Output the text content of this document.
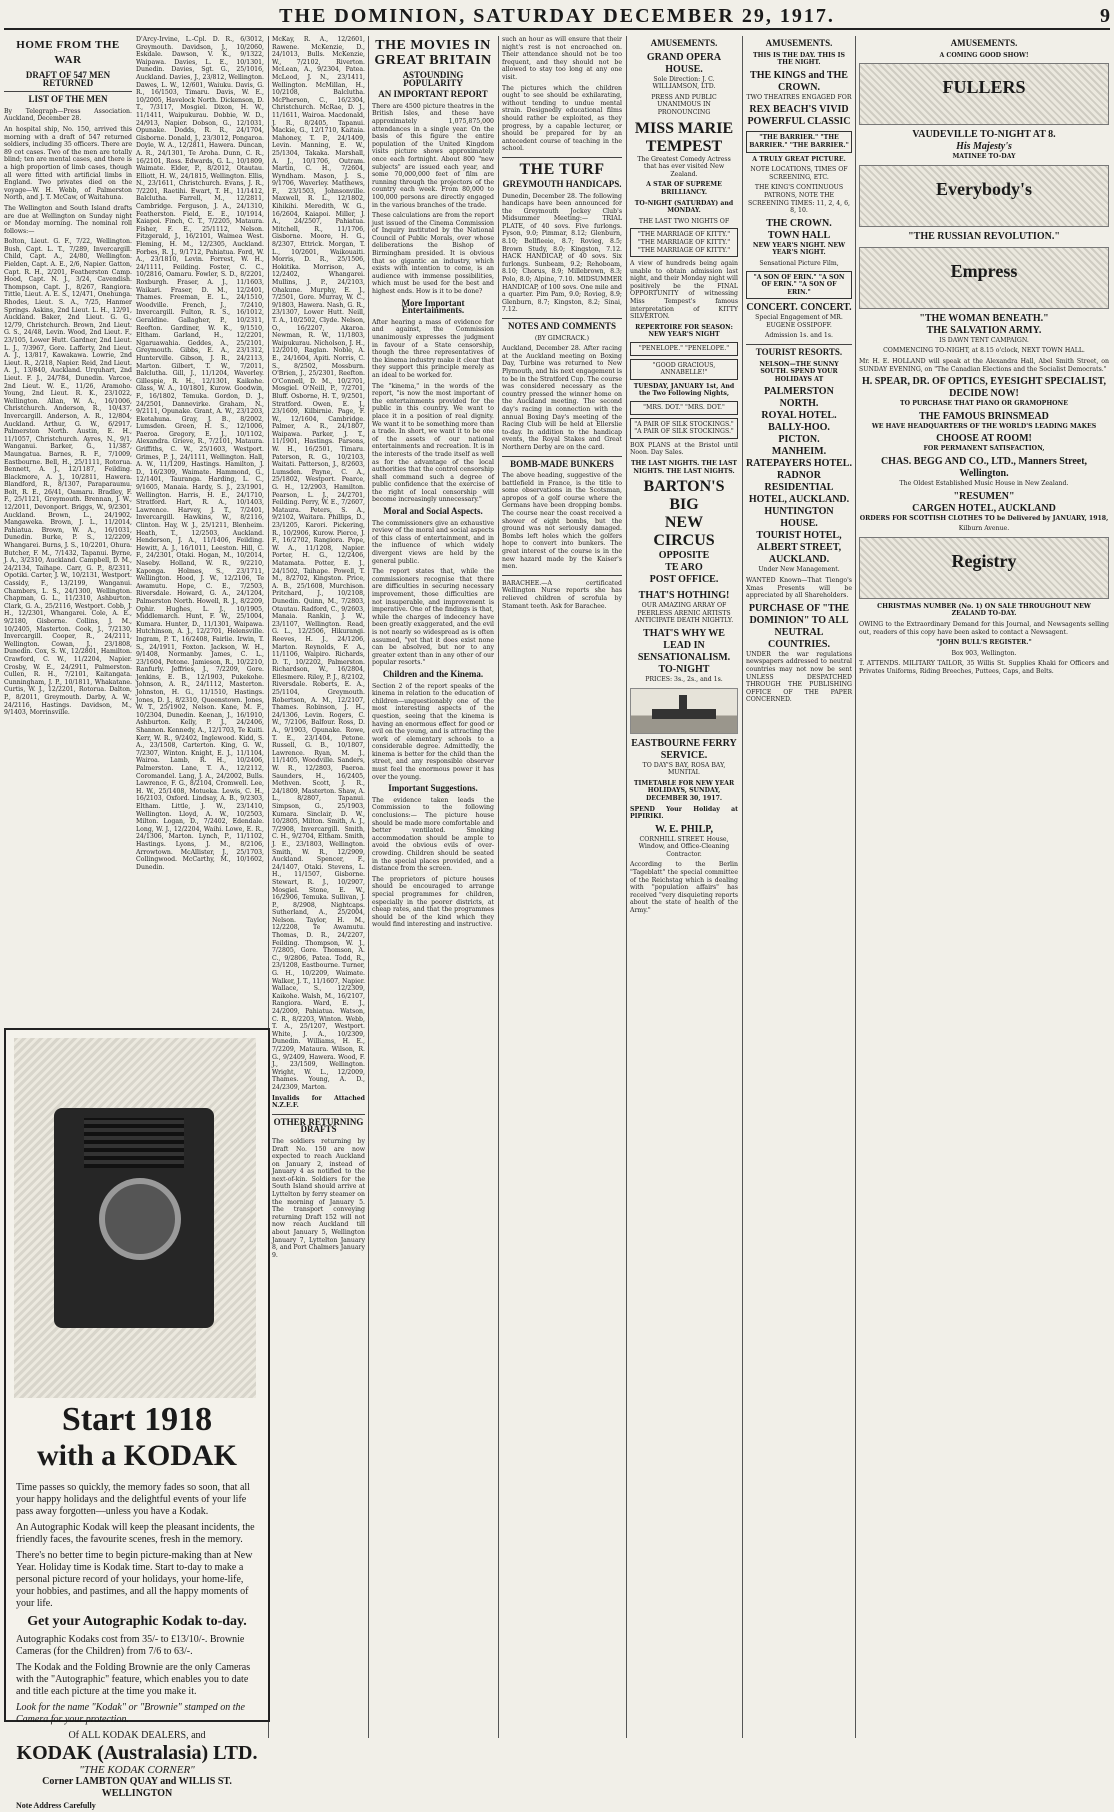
THE DOMINION, SATURDAY DECEMBER 29, 1917.	9
HOME FROM THE WAR
DRAFT OF 547 MEN RETURNED
LIST OF THE MEN

By Telegraph—Press Association. Auckland, December 28.

An hospital ship, No. 150, arrived this morning with a draft of 547 returned soldiers, including 35 officers. There are 89 cot cases. Two of the men are totally blind; ten are mental cases, and there is a high proportion of limb cases, though all were fitted with artificial limbs in England. Two privates died on the voyage—W. H. Webb, of Palmerston North, and J. T. McCaw, of Waitahuna.

The Wellington and South Island drafts are due at Wellington on Sunday night or Monday morning. The nominal roll follows:—

Bolton, Lieut. G. F., 7/22, Wellington. Bush, Capt. L. T., 7/289, Invercargill. Child, Capt. A., 24/80, Wellington. Fielden, Capt. A. E., 2/6, Napier. Gatton, Capt. R. H., 2/201, Featherston Camp. Hood, Capt. N. J., 3/24, Cavendish. Thompson, Capt. J., 8/267, Rangiora. Tittle, Lieut. A. E. S., 12/471, Onehunga. Rhodes, Lieut. S. A., 7/25, Hanmer Springs. Askins, 2nd Lieut. L. H., 12/91, Auckland. Baker, 2nd Lieut. G. G., 12/79, Christchurch. Brown, 2nd Lieut. G. S., 24/48, Levin. Wood, 2nd Lieut. F., 23/105, Lower Hutt. Gardner, 2nd Lieut. L. J., 7/3967, Gore. Lafferty, 2nd Lieut. A. J., 13/817, Kawakawa. Lowrie, 2nd Lieut. R., 2/218, Napier. Reid, 2nd Lieut. A. J., 13/840, Auckland. Urquhart, 2nd Lieut. F. J., 24/784, Dunedin. Varcoe, 2nd Lieut. W. E., 11/26, Aramoho. Young, 2nd Lieut. R. K., 23/1022, Wellington. Allan, W. A., 16/1006, Christchurch. Anderson, R., 10/437, Invercargill. Anderson, A. R., 12/804, Auckland. Arthur, G. W., 6/2917, Palmerston North. Austin, E. H., 11/1057, Christchurch. Ayres, N., 9/1, Wanganui. Barker, G., 11/387, Maungatua. Barnes, R. F., 7/1009, Eastbourne. Bell, H., 25/1111, Rotorua. Bennett, A. J., 12/1187, Feilding. Blackmore, A. J., 10/2811, Hawera. Blandford, R., 8/1307, Paraparaumu. Bolt, R. E., 26/41, Oamaru. Bradley, F. F., 25/1121, Greymouth. Brennan, J. W., 12/2011, Devonport. Briggs, W., 9/2301, Auckland. Brown, L., 24/1902, Mangaweka. Brown, J. L., 11/2014, Pahiatua. Brown, W. A., 16/1031, Dunedin. Burke, P. S., 12/2209, Whangarei. Burns, J. S., 10/2201, Ohura. Butcher, F. M., 7/1432, Tapanui. Byrne, J. A., 3/2310, Auckland. Campbell, D. M., 24/2134, Taihape. Carr, G. P., 8/2311, Opotiki. Carter, J. W., 10/2131, Westport. Cassidy, F., 13/2199, Wanganui. Chambers, L. S., 24/1300, Wellington. Chapman, G. L., 11/2310, Ashburton. Clark, G. A., 25/2116, Westport. Cobb, J. H., 12/2301, Whangarei. Cole, A. E., 9/2180, Gisborne. Collins, J. M., 10/2405, Masterton. Cook, J., 7/2130, Invercargill. Cooper, R., 24/2111, Wellington. Cowan, J., 23/1808, Dunedin. Cox, S. W., 12/2801, Hamilton. Crawford, C. W., 11/2204, Napier. Crosby, W. E., 24/2911, Palmerston. Cullen, R. H., 7/2101, Kaitangata. Cunningham, J. P., 10/1811, Whakatane. Curtis, W. J., 12/2201, Rotorua. Dalton, P., 8/2011, Greymouth. Darby, A. W., 24/2116, Hastings. Davidson, M., 9/1403, Morrinsville.

D'Arcy-Irvine, L.-Cpl. D. R., 6/3012, Greymouth. Davidson, J., 10/2060, Eskdale. Dawson, V. K., 9/1322, Waipawa. Davies, L. E., 10/1301, Dunedin. Davies, Sgt. G., 25/1016, Auckland. Davies, J., 23/812, Wellington. Dawes, L. W., 12/601, Waiuku. Davis, G. R., 16/1503, Timaru. Davis, W. E., 10/2005, Havelock North. Dickenson, D. T., 7/3117, Mosgiel. Dixon, H. W., 11/1411, Waipukurau. Dobbie, W. D., 24/913, Napier. Dobson, G., 12/1031, Opunake. Dodds, R. R., 24/1704, Gisborne. Donald, J., 23/3012, Pongaroa. Doyle, W. A., 12/2811, Hawera. Duncan, A. R., 24/1301, Te Aroha. Dunn, C. R., 16/2101, Ross. Edwards, G. L., 10/1809, Waimate. Elder, P., 8/2012, Otautau. Elliott, H. W., 24/1815, Wellington. Ellis, N., 23/1611, Christchurch. Evans, J. R., 7/2201, Raetihi. Ewart, T. H., 11/1412, Balclutha. Farrell, M., 12/2811, Cambridge. Ferguson, J. A., 24/1310, Featherston. Field, E. E., 10/1914, Kaiapoi. Finch, C. T., 7/2205, Mataura. Fisher, F. E., 25/1112, Nelson. Fitzgerald, J., 16/2101, Waimea West. Fleming, H. M., 12/2305, Auckland. Forbes, R. J., 9/1712, Pahiatua. Ford, W. A., 23/1810, Levin. Forrest, W. H., 24/1111, Feilding. Foster, C. C., 10/2816, Oamaru. Fowler, S. D., 8/2201, Roxburgh. Fraser, A. J., 11/1603, Waikari. Fraser, D. M., 12/2401, Thames. Freeman, E. L., 24/1510, Woodville. French, J., 7/2410, Invercargill. Fulton, R. S., 16/1012, Geraldine. Gallagher, P., 10/2311, Reefton. Gardiner, W. K., 9/1510, Eltham. Garland, H., 12/2201, Ngaruawahia. Geddes, A., 25/2101, Greymouth. Gibbs, E. A., 23/1312, Hunterville. Gibson, J. R., 24/2113, Marton. Gilbert, T. W., 7/2011, Balclutha. Gill, J., 11/1204, Waverley. Gillespie, R. H., 12/1301, Kaikohe. Glass, W. A., 10/1801, Kurow. Goodwin, F., 16/1802, Temuka. Gordon, D. J., 24/2501, Dannevirke. Graham, N., 9/2111, Opunake. Grant, A. W., 23/1203, Eketahuna. Gray, J. B., 8/2002, Lumsden. Green, H. S., 12/1006, Paeroa. Gregory, E. J., 10/1102, Alexandra. Grieve, R., 7/2101, Mataura. Griffiths, C. W., 25/1603, Westport. Grimes, P. J., 24/1111, Wellington. Hall, A. W., 11/1209, Hastings. Hamilton, J. D., 16/2309, Waimate. Hammond, G., 12/1401, Tauranga. Harding, L. C., 9/1605, Manaia. Hardy, S. J., 23/1901, Wellington. Harris, H. E., 24/1710, Stratford. Hart, R. A., 10/1403, Lawrence. Harvey, J. T., 7/2401, Invercargill. Hawkins, W., 8/2116, Clinton. Hay, W. J., 25/1211, Blenheim. Heath, T., 12/2503, Auckland. Henderson, J. A., 11/1406, Feilding. Hewitt, A. J., 16/1011, Leeston. Hill, C. F., 24/2301, Otaki. Hogan, M., 10/2014, Naseby. Holland, W. R., 9/2210, Kaponga. Holmes, S., 23/1711, Wellington. Hood, J. W., 12/2106, Te Awamutu. Hope, C. E., 7/2503, Riversdale. Howard, G. A., 24/1204, Palmerston North. Howell, R. J., 8/2209, Ophir. Hughes, L. J., 10/1905, Middlemarch. Hunt, F. W., 25/1004, Kumara. Hunter, D., 11/1301, Waipawa. Hutchinson, A. J., 12/2701, Helensville. Ingram, P. T., 16/2408, Fairlie. Irwin, T. S., 24/1911, Foxton. Jackson, W. H., 9/1408, Normanby. James, C. L., 23/1604, Petone. Jamieson, R., 10/2210, Ranfurly. Jeffries, J., 7/2209, Gore. Jenkins, E. B., 12/1903, Pukekohe. Johnson, A. R., 24/1112, Masterton. Johnston, H. G., 11/1510, Hastings. Jones, D. J., 8/2310, Queenstown. Jones, W. T., 25/1902, Nelson. Kane, M. F., 10/2304, Dunedin. Keenan, J., 16/1910, Ashburton. Kelly, P. J., 24/2406, Shannon. Kennedy, A., 12/1703, Te Kuiti. Kerr, W. R., 9/2402, Inglewood. Kidd, S. A., 23/1508, Carterton. King, G. W., 7/2307, Winton. Knight, E. J., 11/1104, Wairoa. Lamb, R. H., 10/2406, Palmerston. Lane, T. A., 12/2112, Coromandel. Lang, J. A., 24/2002, Bulls. Lawrence, F. G., 8/2104, Cromwell. Lee, H. W., 25/1408, Motueka. Lewis, C. H., 16/2103, Oxford. Lindsay, A. B., 9/2303, Eltham. Little, J. W., 23/1410, Wellington. Lloyd, A. W., 10/2503, Milton. Logan, D., 7/2402, Edendale. Long, W. J., 12/2204, Waihi. Lowe, E. R., 24/1306, Marton. Lynch, P., 11/1102, Hastings. Lyons, J. M., 8/2106, Arrowtown. McAllister, J., 25/1703, Collingwood. McCarthy, M., 10/1602, Dunedin.

Start 1918
with a KODAK

Time passes so quickly, the memory fades so soon, that all your happy holidays and the delightful events of your life pass away forgotten—unless you have a Kodak.

An Autographic Kodak will keep the pleasant incidents, the friendly faces, the favourite scenes, fresh in the memory.

There's no better time to begin picture-making than at New Year. Holiday time is Kodak time. Start to-day to make a personal picture record of your holidays, your home-life, your hobbies, and pastimes, and all the happy moments of your life.

Get your Autographic Kodak to-day.

Autographic Kodaks cost from 35/- to £13/10/-. Brownie Cameras (for the Children) from 7/6 to 63/-.

The Kodak and the Folding Brownie are the only Cameras with the "Autographic" feature, which enables you to date and title each picture at the time you make it.

Look for the name "Kodak" or "Brownie" stamped on the Camera for your protection.

Of ALL KODAK DEALERS, and
KODAK (Australasia) LTD.
"THE KODAK CORNER"
Corner LAMBTON QUAY and WILLIS ST. WELLINGTON
Note Address Carefully

McKay, R. A., 12/2601, Rawene. McKenzie, D., 24/1013, Bulls. McKenzie, W., 7/2102, Riverton. McLean, A., 9/2304, Patea. McLeod, J. N., 23/1411, Wellington. McMillan, H., 10/2108, Balclutha. McPherson, C., 16/2304, Christchurch. McRae, D. J., 11/1611, Wairoa. Macdonald, J. R., 8/2405, Tapanui. Mackie, G., 12/1710, Kaitaia. Mahoney, T. P., 24/1409, Levin. Manning, E. W., 25/1304, Takaka. Marshall, A. J., 10/1706, Outram. Martin, C. H., 7/2604, Wyndham. Mason, J. S., 9/1706, Waverley. Matthews, F., 23/1503, Johnsonville. Maxwell, R. L., 12/1802, Kihikihi. Meredith, W. G., 16/2604, Kaiapoi. Miller, J. A., 24/2507, Pahiatua. Mitchell, R., 11/1706, Gisborne. Moore, H. G., 8/2307, Ettrick. Morgan, T. L., 10/2601, Waikouaiti. Morris, D. R., 25/1506, Hokitika. Morrison, A., 12/2402, Whangarei. Mullins, J. P., 24/2103, Ohakune. Murphy, E. J., 7/2501, Gore. Murray, W. C., 9/1803, Hawera. Nash, G. R., 23/1307, Lower Hutt. Neill, T. A., 10/2502, Clyde. Nelson, O., 16/2207, Akaroa. Newman, R. W., 11/1803, Waipukurau. Nicholson, J. H., 12/2010, Raglan. Noble, A. E., 24/1604, Apiti. Norris, C. S., 8/2502, Mossburn. O'Brien, J., 25/2301, Reefton. O'Connell, D. M., 10/2701, Mosgiel. O'Neill, P., 7/2701, Bluff. Osborne, H. T., 9/2501, Stratford. Owen, E. J., 23/1609, Kilbirnie. Page, F. W., 12/1604, Cambridge. Palmer, A. R., 24/1807, Waipawa. Parker, J. T., 11/1901, Hastings. Parsons, W. H., 16/2501, Timaru. Paterson, R. G., 10/2103, Waitati. Patterson, J., 8/2603, Lumsden. Payne, C. A., 25/1802, Westport. Pearce, G. H., 12/2903, Hamilton. Pearson, L. J., 24/2701, Feilding. Perry, W. E., 7/2607, Mataura. Peters, S. A., 9/2102, Waitara. Phillips, D., 23/1205, Karori. Pickering, R., 10/2906, Kurow. Pierce, J. F., 16/2702, Rangiora. Pope, W. A., 11/1208, Napier. Porter, H. G., 12/2406, Matamata. Potter, E. J., 24/1502, Taihape. Powell, T. M., 8/2702, Kingston. Price, A. B., 25/1608, Murchison. Pritchard, J., 10/2108, Dunedin. Quinn, M., 7/2803, Otautau. Radford, C., 9/2603, Manaia. Rankin, J. W., 23/1107, Wellington. Read, G. L., 12/2506, Hikurangi. Reeves, H. J., 24/1206, Marton. Reynolds, F. A., 11/1106, Waipiro. Richards, D. T., 10/2202, Palmerston. Richardson, W., 16/2804, Ellesmere. Riley, P. J., 8/2102, Riversdale. Roberts, E. A., 25/1104, Greymouth. Robertson, A. M., 12/2107, Thames. Robinson, J. H., 24/1306, Levin. Rogers, C. W., 7/2106, Balfour. Ross, D. A., 9/1903, Opunake. Rowe, T. E., 23/1404, Petone. Russell, G. B., 10/1807, Lawrence. Ryan, M. J., 11/1405, Woodville. Sanders, W. R., 12/2803, Paeroa. Saunders, H., 16/2405, Methven. Scott, J. R., 24/1809, Masterton. Shaw, A. L., 8/2807, Tapanui. Simpson, G., 25/1903, Kumara. Sinclair, D. W., 10/2805, Milton. Smith, A. J., 7/2908, Invercargill. Smith, C. H., 9/2704, Eltham. Smith, J. E., 23/1803, Wellington. Smith, W. R., 12/2909, Auckland. Spencer, F., 24/1407, Otaki. Stevens, L. H., 11/1507, Gisborne. Stewart, R. J., 10/2907, Mosgiel. Stone, E. W., 16/2906, Temuka. Sullivan, J. P., 8/2908, Nightcaps. Sutherland, A., 25/2004, Nelson. Taylor, H. M., 12/2208, Te Awamutu. Thomas, D. R., 24/2207, Feilding. Thompson, W. J., 7/2805, Gore. Thomson, A. C., 9/2806, Patea. Todd, R., 23/1208, Eastbourne. Turner, G. H., 10/2209, Waimate. Walker, J. T., 11/1607, Napier. Wallace, S., 12/2309, Kaikohe. Walsh, M., 16/2107, Rangiora. Ward, E. J., 24/2009, Pahiatua. Watson, C. R., 8/2203, Winton. Webb, T. A., 25/1207, Westport. White, J. A., 10/2309, Dunedin. Williams, H. E., 7/2209, Mataura. Wilson, R. G., 9/2409, Hawera. Wood, F. J., 23/1509, Wellington. Wright, W. L., 12/2009, Thames. Young, A. D., 24/2309, Marton.

Invalids for Attached N.Z.E.F.

OTHER RETURNING DRAFTS

The soldiers returning by Draft No. 150 are now expected to reach Auckland on January 2, instead of January 4 as notified to the next-of-kin. Soldiers for the South Island should arrive at Lyttelton by ferry steamer on the morning of January 5. The transport conveying returning Draft 152 will not now reach Auckland till about January 5, Wellington January 7, Lyttelton January 8, and Port Chalmers January 9.

THE MOVIES IN GREAT BRITAIN
ASTOUNDING POPULARITY
AN IMPORTANT REPORT

There are 4500 picture theatres in the British Isles, and these have approximately 1,075,875,000 attendances in a single year. On the basis of this figure the entire population of the United Kingdom visits picture shows approximately once each fortnight. About 800 "new subjects" are issued each year, and some 70,000,000 feet of film are running through the projectors of the country each week. From 80,000 to 100,000 persons are directly engaged in the various branches of the trade.

These calculations are from the report just issued of the Cinema Commission of Inquiry instituted by the National Council of Public Morals, over whose deliberations the Bishop of Birmingham presided. It is obvious that so gigantic an industry, which exists with intention to come, is an audience with immense possibilities, which must be used for the best and highest ends. How is it to be done?

More Important Entertainments.

After hearing a mass of evidence for and against, the Commission unanimously expresses the judgment in favour of a State censorship, though the three representatives of the kinema industry make it clear that they support this principle merely as an ideal to be worked for.

The "kinema," in the words of the report, "is now the most important of the entertainments provided for the public in this country. We want to place it in a position of real dignity. We want it to be something more than a trade. In short, we want it to be one of the assets of our national entertainments and recreation. It is in the interests of the trade itself as well as for the advantage of the local authorities that the control censorship shall command such a degree of public confidence that the exercise of the right of local censorship will become increasingly unnecessary."

Moral and Social Aspects.

The commissioners give an exhaustive review of the moral and social aspects of this class of entertainment, and in the influence of which widely divergent views are held by the general public.

The report states that, while the commissioners recognise that there are difficulties in securing necessary improvement, those difficulties are not insuperable, and improvement is imperative. One of the findings is that, while the charges of indecency have been greatly exaggerated, and the evil is not nearly so widespread as is often assumed, "yet that it does exist none can be absolved, but nor to any greater extent than in any other of our popular resorts."

Children and the Kinema.

Section 2 of the report speaks of the kinema in relation to the education of children—unquestionably one of the most interesting aspects of the question, seeing that the kinema is having an enormous effect for good or evil on the young, and is attracting the work of elementary schools to a considerable degree. Admittedly, the kinema is better for the child than the street, and any responsible observer must feel the enormous power it has over the young.

Important Suggestions.

The evidence taken leads the Commission to the following conclusions:— The picture house should be made more comfortable and better ventilated. Smoking accommodation should be ample to avoid the obvious evils of over-crowding. Children should be seated in the special places provided, and a distance from the screen.

The proprietors of picture houses should be encouraged to arrange special programmes for children, especially in the poorer districts, at cheap rates, and that the programmes should be of the kind which they would find interesting and instructive.

such an hour as will ensure that their night's rest is not encroached on. Their attendance should not be too frequent, and they should not be allowed to stay too long at any one visit.

The pictures which the children ought to see should be exhilarating, without tending to undue mental strain. Designedly educational films should rather be exploited, as they progress, by a capable lecturer, or should be prepared for by an antecedent course of teaching in the school.

THE TURF
GREYMOUTH HANDICAPS.

Dunedin, December 28. The following handicaps have been announced for the Greymouth Jockey Club's Midsummer Meeting:— TRIAL PLATE, of 40 sovs. Five furlongs. Fyson, 9.0; Pimmar, 8.12; Glenburn, 8.10; Bellfieeie, 8.7; Rovieg, 8.5; Brown Study, 8.0; Kingston, 7.12. HACK HANDICAP, of 40 sovs. Six furlongs. Sunbeam, 9.2; Rehoboam, 8.10; Chorus, 8.9; Millebrown, 8.3; Polo, 8.0; Alpine, 7.10. MIDSUMMER HANDICAP, of 100 sovs. One mile and a quarter. Pim Pam, 9.0; Rovieg, 8.9; Glenburn, 8.7; Kingston, 8.2; Sinai, 7.12.

NOTES AND COMMENTS

(BY GIMCRACK.)

Auckland, December 28. After racing at the Auckland meeting on Boxing Day, Turbine was returned to New Plymouth, and his next engagement is to be in the Stratford Cup. The course was considered necessary as the country pressed the winner home on the Auckland meeting. The second day's racing in connection with the annual Boxing Day's meeting of the Racing Club will be held at Ellerslie to-day. In addition to the handicap events, the Royal Stakes and Great Northern Derby are on the card.

BOMB-MADE BUNKERS

The above heading, suggestive of the battlefield in France, is the title to some observations in the Scotsman, apropos of a golf course where the Germans have been dropping bombs. The course near the coast received a shower of eight bombs, but the ground was not seriously damaged. Bombs left holes which the golfers hope to convert into bunkers. The great interest of the course is in the new hazard made by the Kaiser's men.

BARACHEE.—A certificated Wellington Nurse reports she has relieved children of scrofula by Stamant teeth. Ask for Barachee.

AMUSEMENTS.
GRAND OPERA HOUSE.

Sole Direction: J. C. WILLIAMSON, LTD.

PRESS AND PUBLIC UNANIMOUS IN PRONOUNCING

MISS MARIE TEMPEST

The Greatest Comedy Actress that has ever visited New Zealand.

A STAR OF SUPREME BRILLIANCY.

TO-NIGHT (SATURDAY) and MONDAY.

THE LAST TWO NIGHTS OF

"THE MARRIAGE OF KITTY." "THE MARRIAGE OF KITTY." "THE MARRIAGE OF KITTY."

A view of hundreds being again unable to obtain admission last night, and their Monday night will positively be the FINAL OPPORTUNITY of witnessing Miss Tempest's famous interpretation of KITTY SILVERTON.

REPERTOIRE FOR SEASON: NEW YEAR'S NIGHT

"PENELOPE." "PENELOPE."
"GOOD GRACIOUS, ANNABELLE!"

TUESDAY, JANUARY 1st, And the Two Following Nights,

"MRS. DOT." "MRS. DOT."
"A PAIR OF SILK STOCKINGS." "A PAIR OF SILK STOCKINGS."

BOX PLANS at the Bristol until Noon. Day Sales.

THE LAST NIGHTS. THE LAST NIGHTS. THE LAST NIGHTS.

BARTON'S
BIG
NEW
CIRCUS
OPPOSITE
TE ARO
POST OFFICE.
THAT'S HOTHING!

OUR AMAZING ARRAY OF PEERLESS ARENIC ARTISTS ANTICIPATE DEATH NIGHTLY.

THAT'S WHY WE LEAD IN SENSATIONALISM.
TO-NIGHT

PRICES: 3s., 2s., and 1s.

EASTBOURNE FERRY SERVICE.

TO DAY'S BAY, ROSA BAY, MUNITAI.

TIMETABLE FOR NEW YEAR HOLIDAYS, SUNDAY, DECEMBER 30, 1917.

SPEND Your Holiday at PIPIRIKI.

W. E. PHILP,

CORNHILL STREET. House, Window, and Office-Cleaning Contractor.

According to the Berlin "Tageblatt" the special committee of the Reichstag which is dealing with "population affairs" has received "very disquieting reports about the state of health of the Army."

AMUSEMENTS.

THIS IS THE DAY. THIS IS THE NIGHT.

THE KINGS and THE CROWN.

TWO THEATRES ENGAGED FOR

REX BEACH'S VIVID POWERFUL CLASSIC
"THE BARRIER." "THE BARRIER." "THE BARRIER."

A TRULY GREAT PICTURE.

NOTE LOCATIONS, TIMES OF SCREENING, ETC.

THE KING'S CONTINUOUS PATRONS, NOTE THE SCREENING TIMES: 11, 2, 4, 6, 8, 10.

THE CROWN.
TOWN HALL

NEW YEAR'S NIGHT. NEW YEAR'S NIGHT.

Sensational Picture Film,

"A SON OF ERIN." "A SON OF ERIN." "A SON OF ERIN."
CONCERT. CONCERT.

Special Engagement of MR. EUGENE OSSIPOFF.

Admission 1s. and 1s.

TOURIST RESORTS.

NELSON—THE SUNNY SOUTH. SPEND YOUR HOLIDAYS AT

PALMERSTON NORTH.
ROYAL HOTEL.
BALLY-HOO.
PICTON.
MANHEIM.
RATEPAYERS HOTEL.
RADNOR RESIDENTIAL HOTEL, AUCKLAND.
HUNTINGTON HOUSE.
TOURIST HOTEL, ALBERT STREET, AUCKLAND.

Under New Management.

WANTED Known—That Tiengo's Xmas Presents will be appreciated by all Shareholders.

PURCHASE OF "THE DOMINION" TO ALL NEUTRAL COUNTRIES.

UNDER the war regulations newspapers addressed to neutral countries may not now be sent UNLESS DESPATCHED THROUGH THE PUBLISHING OFFICE OF THE PAPER CONCERNED.

AMUSEMENTS.

A COMING GOOD SHOW!

FULLERS
VAUDEVILLE TO-NIGHT AT 8.
His Majesty's

MATINEE TO-DAY

Everybody's
"THE RUSSIAN REVOLUTION."
Empress
"THE WOMAN BENEATH."
THE SALVATION ARMY.

IS DAWN TENT CAMPAIGN.

COMMENCING TO-NIGHT, at 8.15 o'clock, NEXT TOWN HALL.

Mr. H. E. HOLLAND will speak at the Alexandra Hall, Abel Smith Street, on SUNDAY EVENING, on "The Canadian Elections and the Socialist Democrats."

H. SPEAR, DR. OF OPTICS, EYESIGHT SPECIALIST,
DECIDE NOW!

TO PURCHASE THAT PIANO OR GRAMOPHONE

THE FAMOUS BRINSMEAD

WE HAVE HEADQUARTERS OF THE WORLD'S LEADING MAKES

CHOOSE AT ROOM!

FOR PERMANENT SATISFACTION,

CHAS. BEGG AND CO., LTD., Manners Street, Wellington.

The Oldest Established Music House in New Zealand.

"RESUMEN"
CARGEN HOTEL, AUCKLAND

ORDERS FOR SCOTTISH CLOTHES TO be Delivered by JANUARY, 1918,

Kilburn Avenue.

Registry

CHRISTMAS NUMBER (No. 1) ON SALE THROUGHOUT NEW ZEALAND TO-DAY.

OWING to the Extraordinary Demand for this Journal, and Newsagents selling out, readers of this copy have been asked to contact a Newsagent.

"JOHN BULL'S REGISTER."

Box 903, Wellington.

T. ATTENDS. MILITARY TAILOR, 35 Willis St. Supplies Khaki for Officers and Privates Uniforms, Riding Breeches, Puttees, Caps, and Belts.
